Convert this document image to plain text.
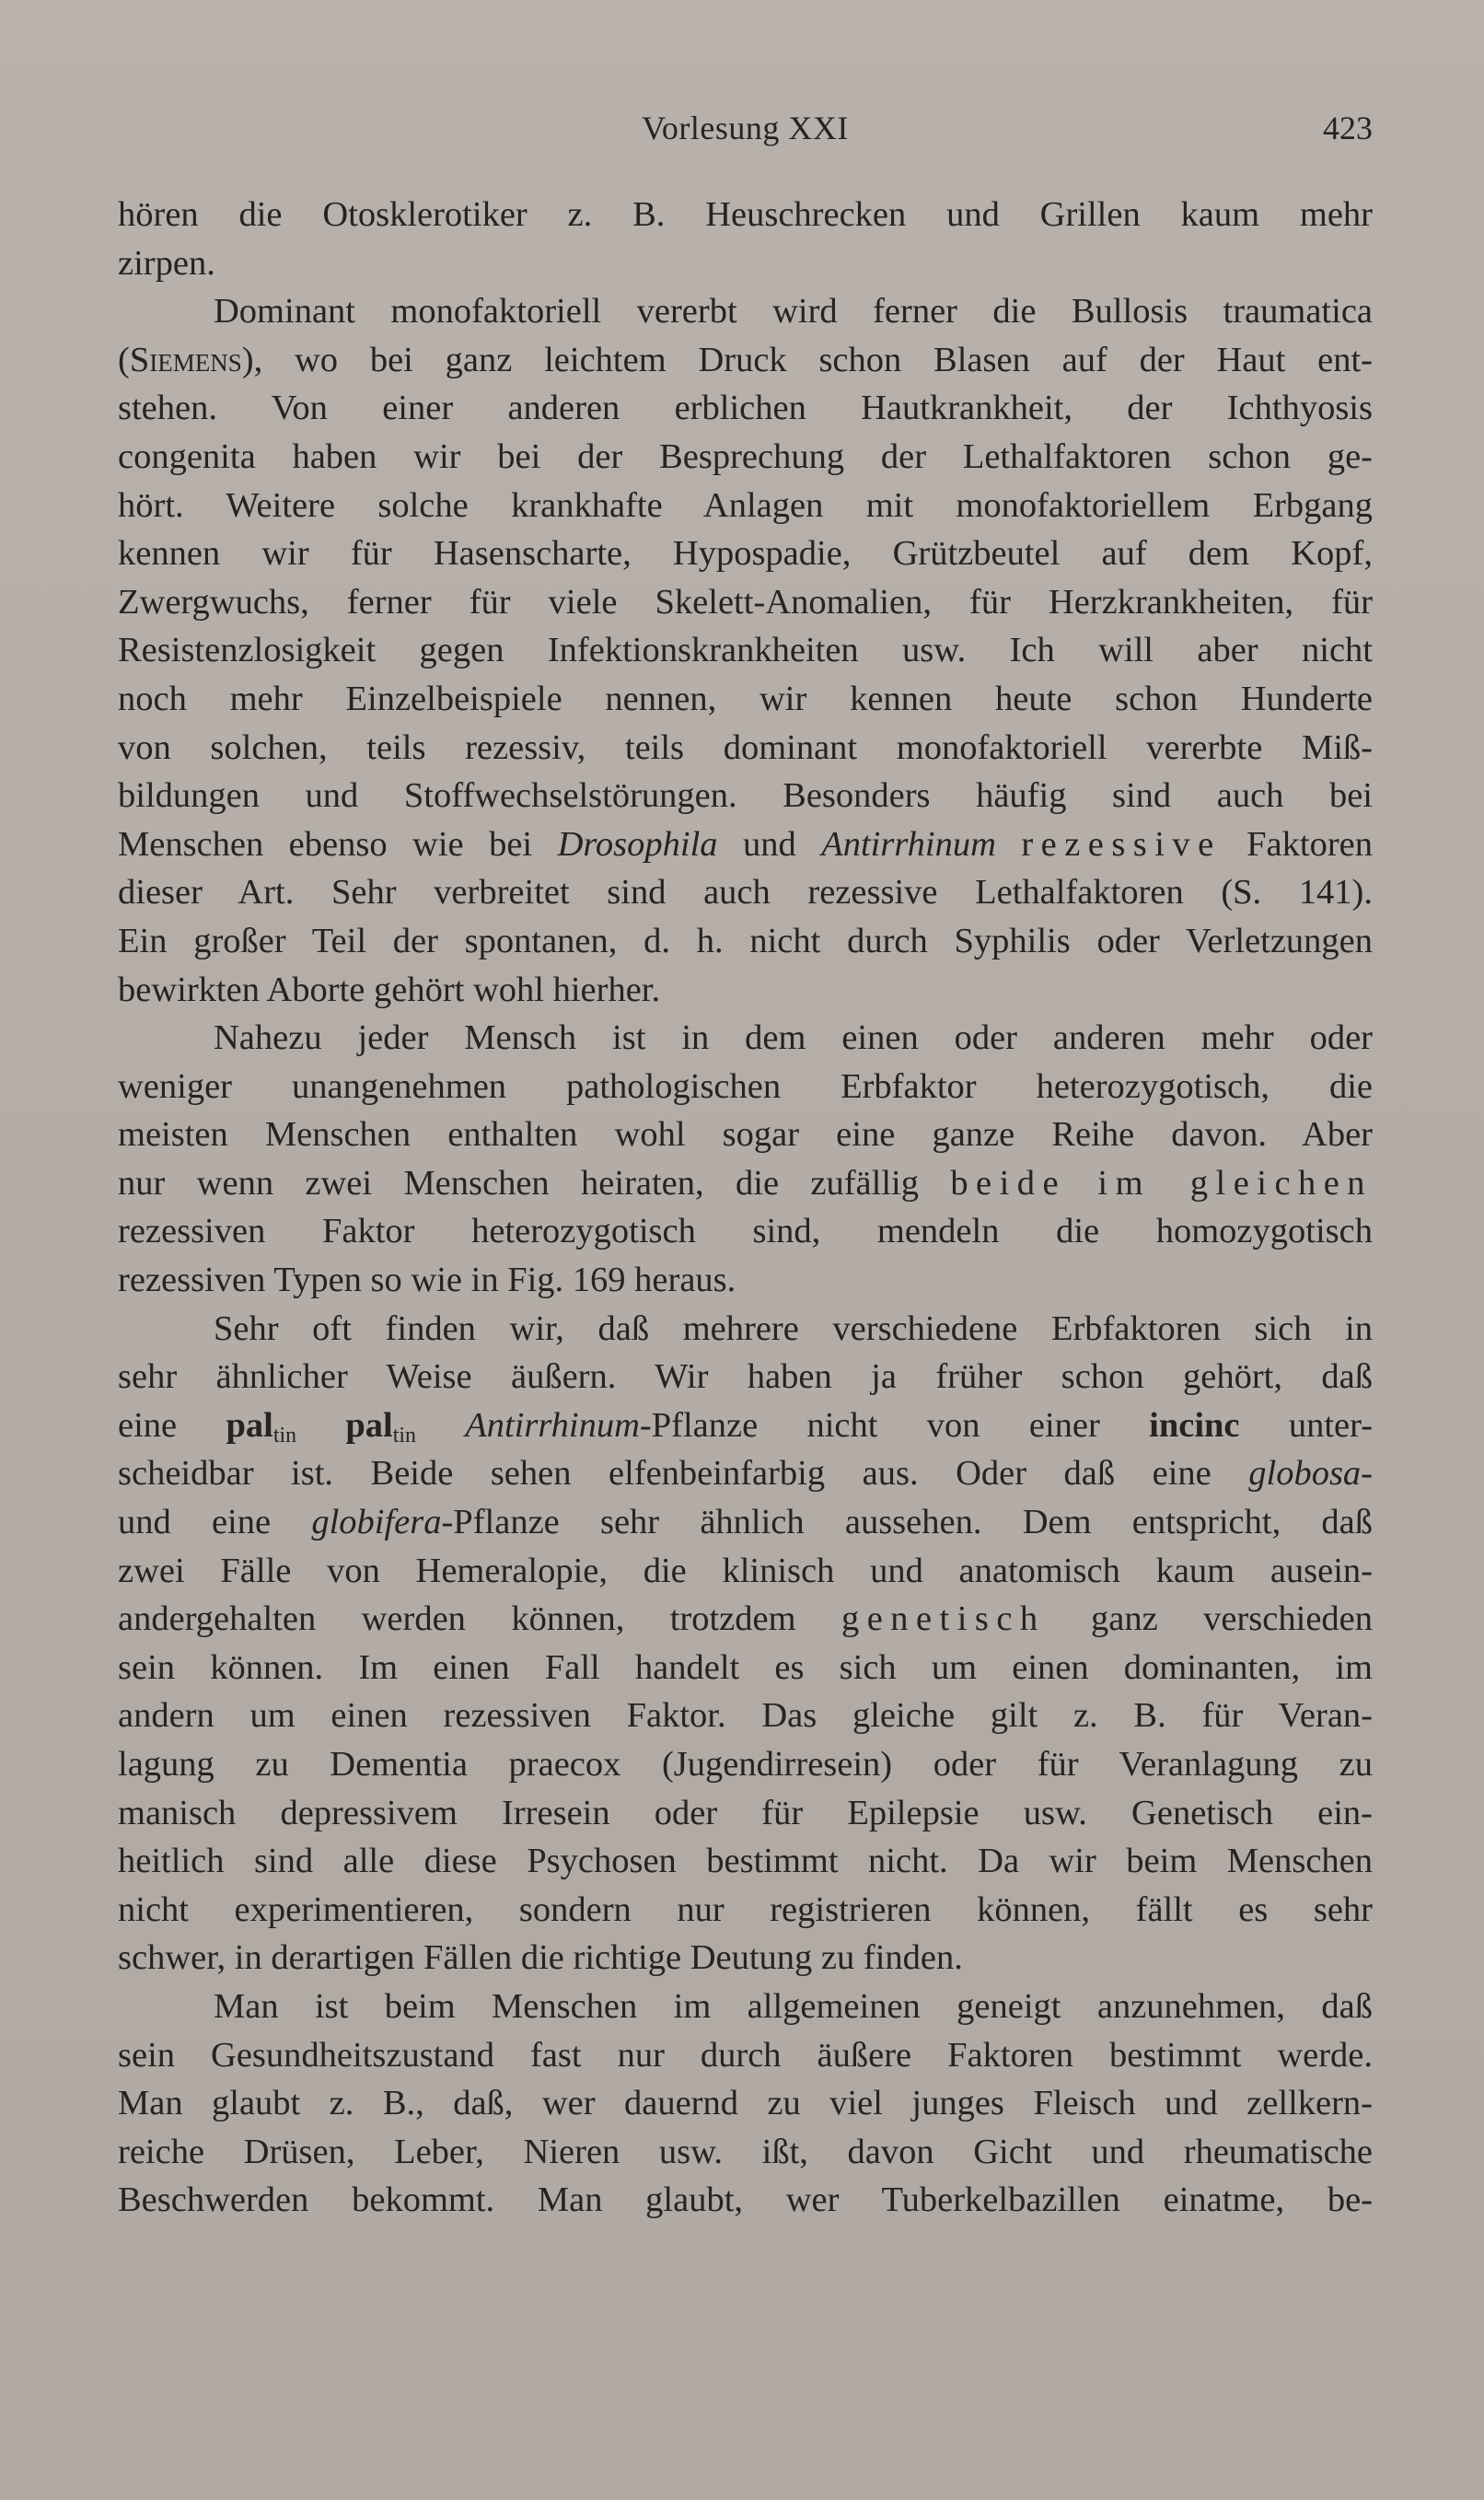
Vorlesung XXI	423
hören die Otosklerotiker z. B. Heuschrecken und Grillen kaum mehr
zirpen.
Dominant monofaktoriell vererbt wird ferner die Bullosis traumatica
(Siemens), wo bei ganz leichtem Druck schon Blasen auf der Haut ent-
stehen. Von einer anderen erblichen Hautkrankheit, der Ichthyosis
congenita haben wir bei der Besprechung der Lethalfaktoren schon ge-
hört. Weitere solche krankhafte Anlagen mit monofaktoriellem Erbgang
kennen wir für Hasenscharte, Hypospadie, Grützbeutel auf dem Kopf,
Zwergwuchs, ferner für viele Skelett-Anomalien, für Herzkrankheiten, für
Resistenzlosigkeit gegen Infektionskrankheiten usw. Ich will aber nicht
noch mehr Einzelbeispiele nennen, wir kennen heute schon Hunderte
von solchen, teils rezessiv, teils dominant monofaktoriell vererbte Miß-
bildungen und Stoffwechselstörungen. Besonders häufig sind auch bei
Menschen ebenso wie bei Drosophila und Antirrhinum rezessive Faktoren
dieser Art. Sehr verbreitet sind auch rezessive Lethalfaktoren (S. 141).
Ein großer Teil der spontanen, d. h. nicht durch Syphilis oder Verletzungen
bewirkten Aborte gehört wohl hierher.
Nahezu jeder Mensch ist in dem einen oder anderen mehr oder
weniger unangenehmen pathologischen Erbfaktor heterozygotisch, die
meisten Menschen enthalten wohl sogar eine ganze Reihe davon. Aber
nur wenn zwei Menschen heiraten, die zufällig beide im gleichen
rezessiven Faktor heterozygotisch sind, mendeln die homozygotisch
rezessiven Typen so wie in Fig. 169 heraus.
Sehr oft finden wir, daß mehrere verschiedene Erbfaktoren sich in
sehr ähnlicher Weise äußern. Wir haben ja früher schon gehört, daß
eine pal$_{tin}$ pal$_{tin}$ Antirrhinum-Pflanze nicht von einer incinc unter-
scheidbar ist. Beide sehen elfenbeinfarbig aus. Oder daß eine globosa-
und eine globifera-Pflanze sehr ähnlich aussehen. Dem entspricht, daß
zwei Fälle von Hemeralopie, die klinisch und anatomisch kaum ausein-
andergehalten werden können, trotzdem genetisch ganz verschieden
sein können. Im einen Fall handelt es sich um einen dominanten, im
andern um einen rezessiven Faktor. Das gleiche gilt z. B. für Veran-
lagung zu Dementia praecox (Jugendirresein) oder für Veranlagung zu
manisch depressivem Irresein oder für Epilepsie usw. Genetisch ein-
heitlich sind alle diese Psychosen bestimmt nicht. Da wir beim Menschen
nicht experimentieren, sondern nur registrieren können, fällt es sehr
schwer, in derartigen Fällen die richtige Deutung zu finden.
Man ist beim Menschen im allgemeinen geneigt anzunehmen, daß
sein Gesundheitszustand fast nur durch äußere Faktoren bestimmt werde.
Man glaubt z. B., daß, wer dauernd zu viel junges Fleisch und zellkern-
reiche Drüsen, Leber, Nieren usw. ißt, davon Gicht und rheumatische
Beschwerden bekommt. Man glaubt, wer Tuberkelbazillen einatme, be-
